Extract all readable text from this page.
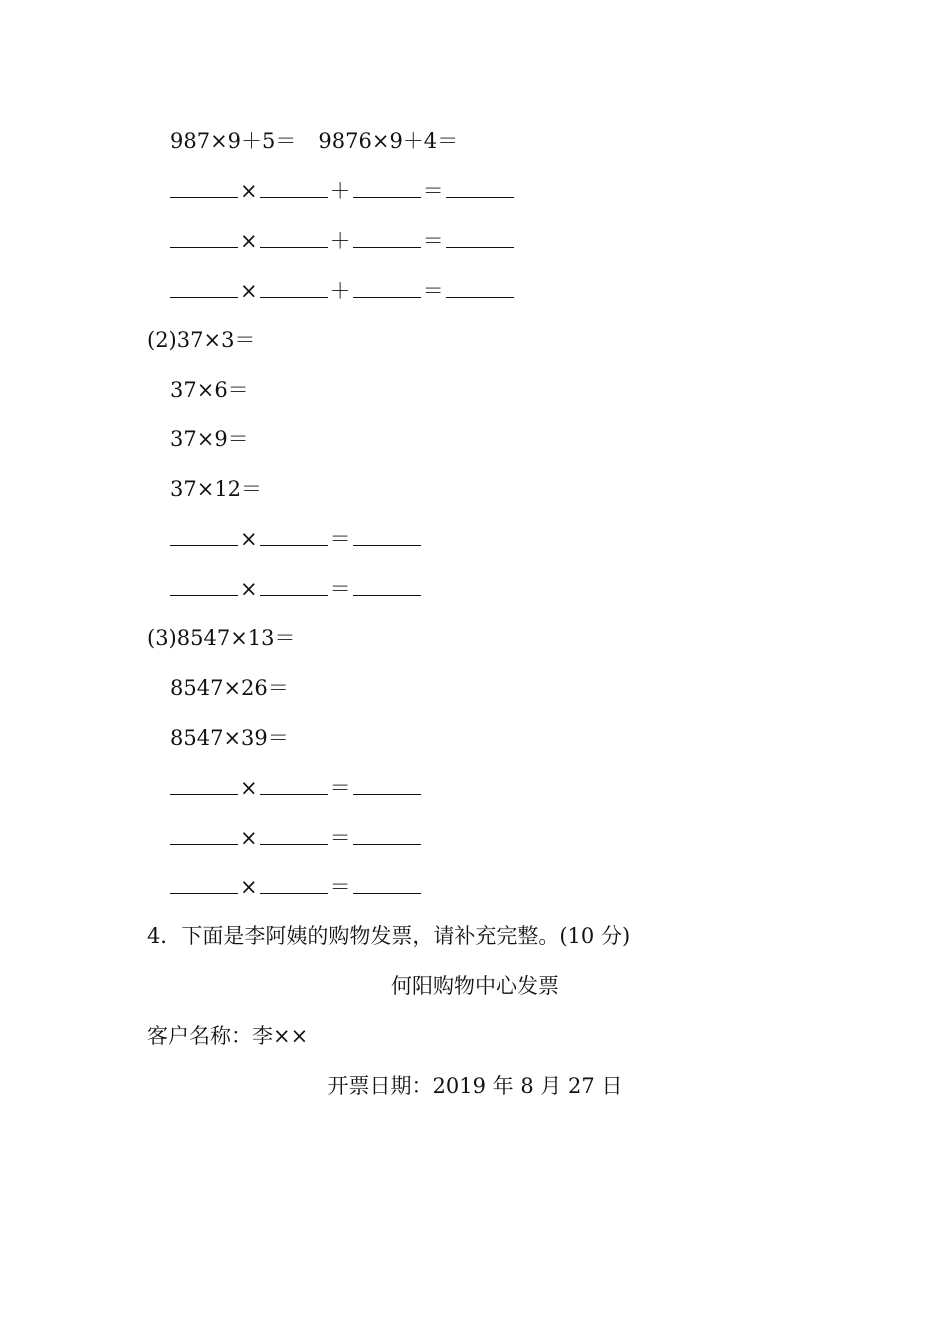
987×9＋5＝ 9876×9＋4＝
×	＋	＝
×	＋	＝
×	＋	＝
(2)37×3＝
37×6＝
37×9＝
37×12＝
×	＝
×	＝
(3)8547×13＝
8547×26＝
8547×39＝
×	＝
×	＝
×	＝
4．下面是李阿姨的购物发票，请补充完整。(10 分)
何阳购物中心发票
客户名称：李××
开票日期：2019 年 8 月 27 日
